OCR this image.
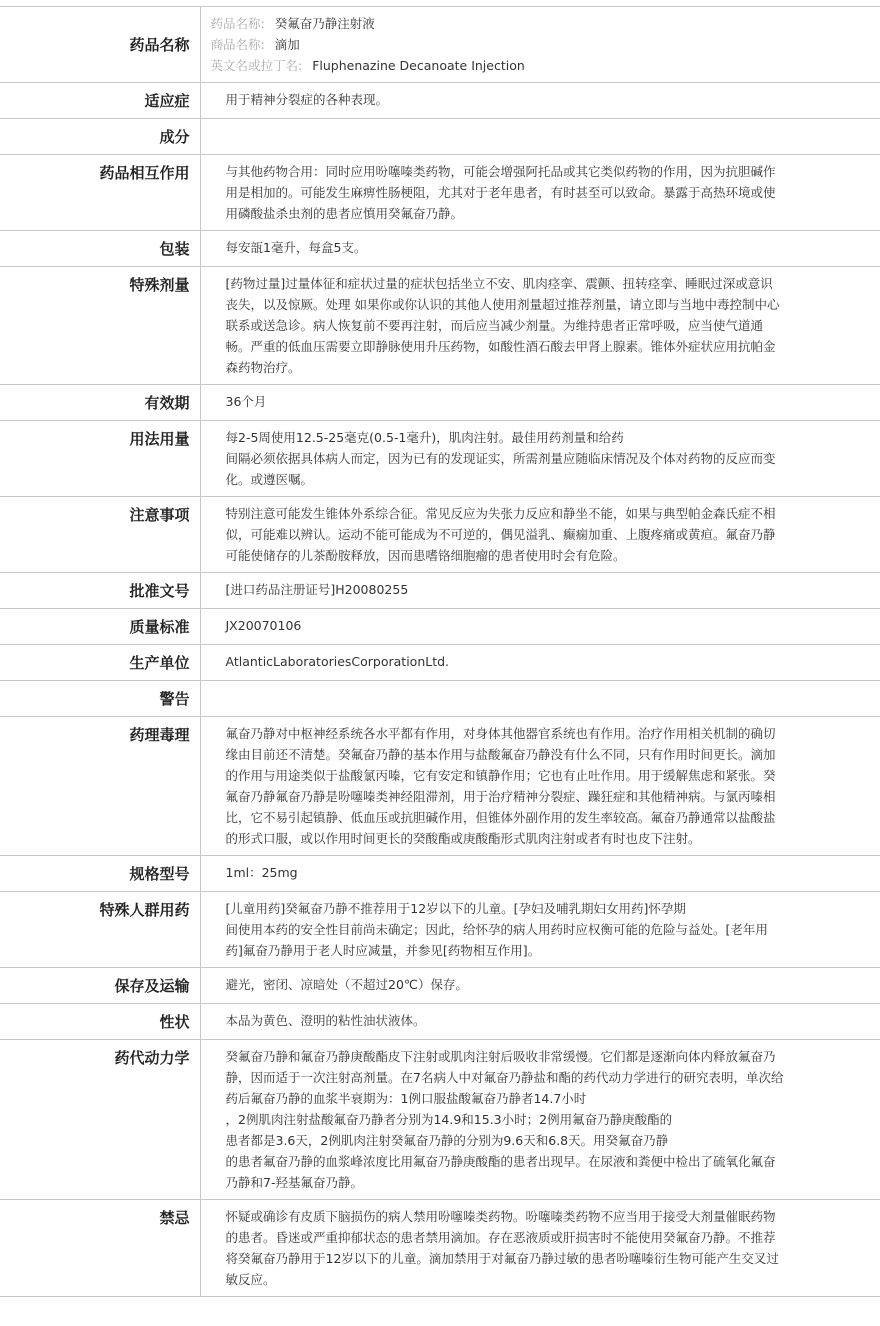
药品名称	药品名称: 癸氟奋乃静注射液
商品名称: 滴加
英文名或拉丁名: Fluphenazine Decanoate Injection

适应症	用于精神分裂症的各种表现。

成分	
药品相互作用	与其他药物合用：同时应用吩噻嗪类药物，可能会增强阿托品或其它类似药物的作用，因为抗胆碱作用是相加的。可能发生麻痹性肠梗阻，尤其对于老年患者，有时甚至可以致命。暴露于高热环境或使用磷酸盐杀虫剂的患者应慎用癸氟奋乃静。

包装	每安瓿1毫升，每盒5支。

特殊剂量	[药物过量]过量体征和症状过量的症状包括坐立不安、肌肉痉挛、震颤、扭转痉挛、睡眠过深或意识丧失，以及惊厥。处理 如果你或你认识的其他人使用剂量超过推荐剂量，请立即与当地中毒控制中心联系或送急诊。病人恢复前不要再注射，而后应当减少剂量。为维持患者正常呼吸，应当使气道通畅。严重的低血压需要立即静脉使用升压药物，如酸性酒石酸去甲肾上腺素。锥体外症状应用抗帕金森药物治疗。

有效期	36个月

用法用量	每2-5周使用12.5-25毫克(0.5-1毫升)，肌肉注射。最佳用药剂量和给药
间隔必须依据具体病人而定，因为已有的发现证实，所需剂量应随临床情况及个体对药物的反应而变化。或遵医嘱。

注意事项	特别注意可能发生锥体外系综合征。常见反应为失张力反应和静坐不能，如果与典型帕金森氏症不相似，可能难以辨认。运动不能可能成为不可逆的，偶见溢乳、癫痫加重、上腹疼痛或黄疸。氟奋乃静可能使储存的儿茶酚胺释放，因而患嗜铬细胞瘤的患者使用时会有危险。

批准文号	[进口药品注册证号]H20080255

质量标准	JX20070106

生产单位	AtlanticLaboratoriesCorporationLtd.

警告	
药理毒理	氟奋乃静对中枢神经系统各水平都有作用，对身体其他器官系统也有作用。治疗作用相关机制的确切缘由目前还不清楚。癸氟奋乃静的基本作用与盐酸氟奋乃静没有什么不同，只有作用时间更长。滴加的作用与用途类似于盐酸氯丙嗪，它有安定和镇静作用；它也有止吐作用。用于缓解焦虑和紧张。癸氟奋乃静氟奋乃静是吩噻嗪类神经阻滞剂，用于治疗精神分裂症、躁狂症和其他精神病。与氯丙嗪相比，它不易引起镇静、低血压或抗胆碱作用，但锥体外副作用的发生率较高。氟奋乃静通常以盐酸盐的形式口服，或以作用时间更长的癸酸酯或庚酸酯形式肌肉注射或者有时也皮下注射。

规格型号	1ml：25mg

特殊人群用药	[儿童用药]癸氟奋乃静不推荐用于12岁以下的儿童。[孕妇及哺乳期妇女用药]怀孕期
间使用本药的安全性目前尚未确定；因此，给怀孕的病人用药时应权衡可能的危险与益处。[老年用药]氟奋乃静用于老人时应减量，并参见[药物相互作用]。

保存及运输	避光，密闭、凉暗处（不超过20℃）保存。

性状	本品为黄色、澄明的粘性油状液体。

药代动力学	癸氟奋乃静和氟奋乃静庚酸酯皮下注射或肌肉注射后吸收非常缓慢。它们都是逐渐向体内释放氟奋乃静，因而适于一次注射高剂量。在7名病人中对氟奋乃静盐和酯的药代动力学进行的研究表明，单次给药后氟奋乃静的血浆半衰期为：1例口服盐酸氟奋乃静者14.7小时
，2例肌肉注射盐酸氟奋乃静者分别为14.9和15.3小时；2例用氟奋乃静庚酸酯的
患者都是3.6天，2例肌肉注射癸氟奋乃静的分别为9.6天和6.8天。用癸氟奋乃静
的患者氟奋乃静的血浆峰浓度比用氟奋乃静庚酸酯的患者出现早。在尿液和粪便中检出了硫氧化氟奋乃静和7-羟基氟奋乃静。

禁忌	怀疑或确诊有皮质下脑损伤的病人禁用吩噻嗪类药物。吩噻嗪类药物不应当用于接受大剂量催眠药物的患者。昏迷或严重抑郁状态的患者禁用滴加。存在恶液质或肝损害时不能使用癸氟奋乃静。不推荐将癸氟奋乃静用于12岁以下的儿童。滴加禁用于对氟奋乃静过敏的患者吩噻嗪衍生物可能产生交叉过敏反应。
